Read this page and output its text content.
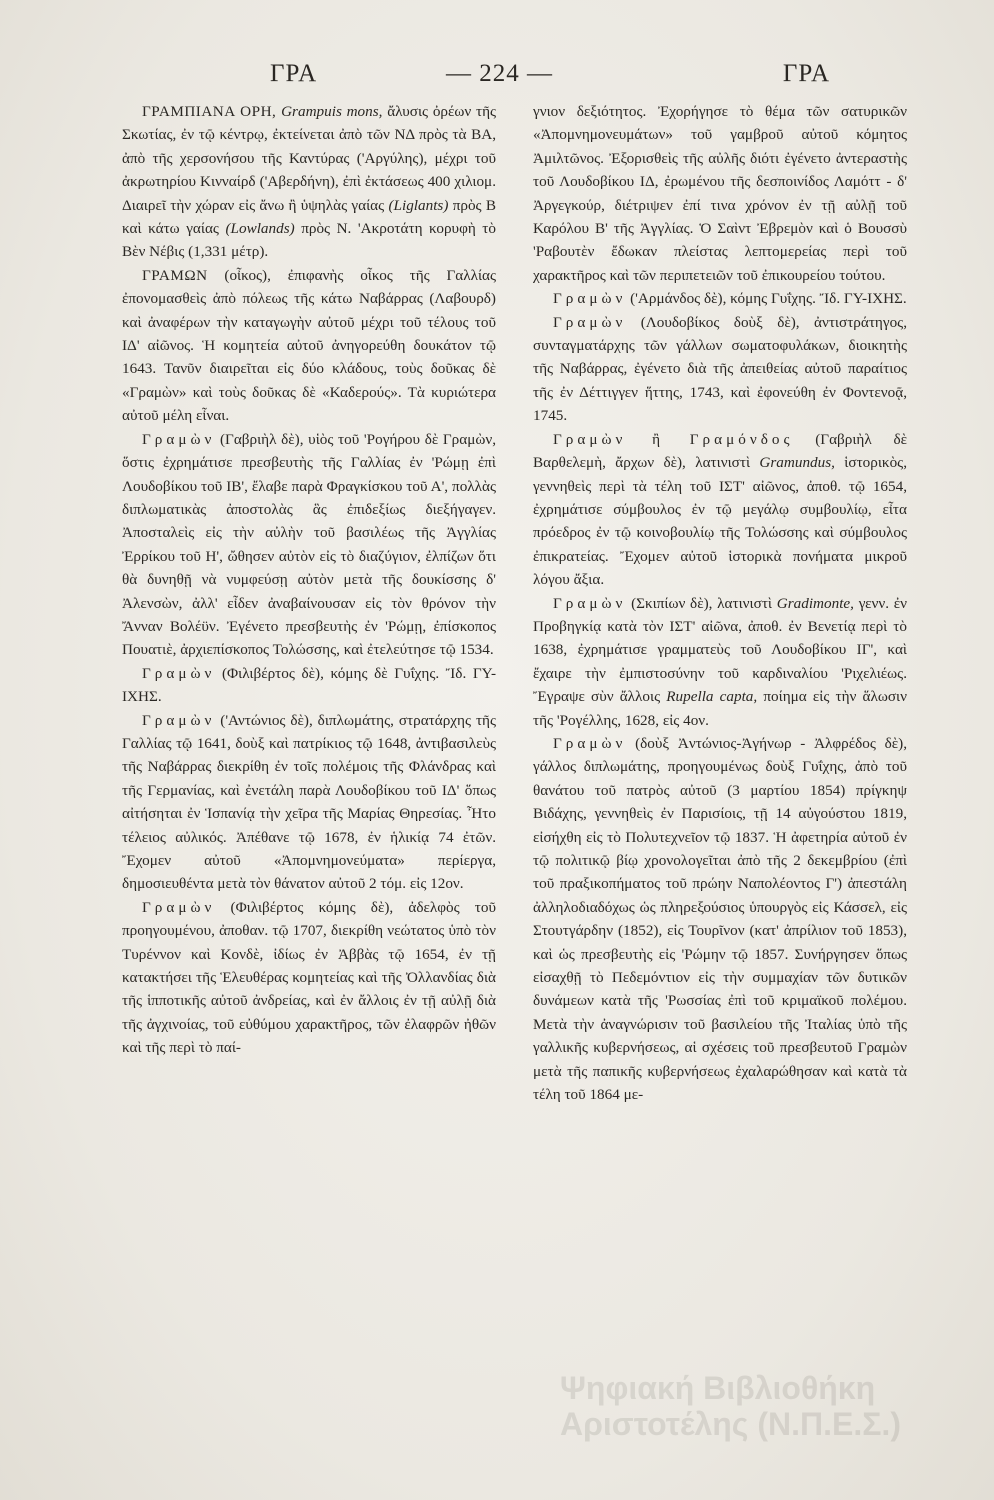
ΓΡΑ	— 224 —	ΓΡΑ

ΓΡΑΜΠΙΑΝΑ ΟΡΗ, Grampuis mons, ἄλυσις ὀρέων τῆς Σκωτίας, ἐν τῷ κέντρῳ, ἐκτείνεται ἀπὸ τῶν ΝΔ πρὸς τὰ ΒΑ, ἀπὸ τῆς χερσονήσου τῆς Καντύρας ('Αργύλης), μέχρι τοῦ ἀκρωτηρίου Κινναίρδ ('Αβερδήνη), ἐπὶ ἐκτάσεως 400 χιλιομ. Διαιρεῖ τὴν χώραν εἰς ἄνω ἢ ὑψηλὰς γαίας (Liglants) πρὸς Β καὶ κάτω γαίας (Lowlands) πρὸς Ν. 'Ακροτάτη κορυφὴ τὸ Βὲν Νέβις (1,331 μέτρ).

ΓΡΑΜΩΝ (οἶκος), ἐπιφανὴς οἶκος τῆς Γαλλίας ἐπονομασθεὶς ἀπὸ πόλεως τῆς κάτω Ναβάρρας (Λαβουρδ) καὶ ἀναφέρων τὴν καταγωγὴν αὐτοῦ μέχρι τοῦ τέλους τοῦ ΙΔ' αἰῶνος. Ἡ κομητεία αὐτοῦ ἀνηγορεύθη δουκάτον τῷ 1643. Τανῦν διαιρεῖται εἰς δύο κλάδους, τοὺς δοῦκας δὲ «Γραμὼν» καὶ τοὺς δοῦκας δὲ «Καδερούς». Τὰ κυριώτερα αὐτοῦ μέλη εἶναι.

Γραμὼν (Γαβριὴλ δὲ), υἱὸς τοῦ 'Ρογήρου δὲ Γραμὼν, ὅστις ἐχρημάτισε πρεσβευτὴς τῆς Γαλλίας ἐν 'Ρώμῃ ἐπὶ Λουδοβίκου τοῦ ΙΒ', ἔλαβε παρὰ Φραγκίσκου τοῦ Α', πολλὰς διπλωματικὰς ἀποστολὰς ἃς ἐπιδεξίως διεξήγαγεν. Ἀποσταλεὶς εἰς τὴν αὐλὴν τοῦ βασιλέως τῆς Ἀγγλίας Ἐρρίκου τοῦ Η', ὤθησεν αὐτὸν εἰς τὸ διαζύγιον, ἐλπίζων ὅτι θὰ δυνηθῇ νὰ νυμφεύσῃ αὐτὸν μετὰ τῆς δουκίσσης δ' Ἀλενσὼν, ἀλλ' εἶδεν ἀναβαίνουσαν εἰς τὸν θρόνον τὴν Ἄνναν Βολέϋν. Ἐγένετο πρεσβευτὴς ἐν 'Ρώμῃ, ἐπίσκοπος Πουατιὲ, ἀρχιεπίσκοπος Τολώσσης, καὶ ἐτελεύτησε τῷ 1534.

Γραμὼν (Φιλιβέρτος δὲ), κόμης δὲ Γυΐχης. Ἴδ. ΓΥ-ΙΧΗΣ.

Γραμὼν ('Αντώνιος δὲ), διπλωμάτης, στρατάρχης τῆς Γαλλίας τῷ 1641, δοὺξ καὶ πατρίκιος τῷ 1648, ἀντιβασιλεὺς τῆς Ναβάρρας διεκρίθη ἐν τοῖς πολέμοις τῆς Φλάνδρας καὶ τῆς Γερμανίας, καὶ ἐνετάλη παρὰ Λουδοβίκου τοῦ ΙΔ' ὅπως αἰτήσηται ἐν Ἱσπανίᾳ τὴν χεῖρα τῆς Μαρίας Θηρεσίας. Ἦτο τέλειος αὐλικός. Ἀπέθανε τῷ 1678, ἐν ἡλικίᾳ 74 ἐτῶν. Ἔχομεν αὐτοῦ «Ἀπομνημονεύματα» περίεργα, δημοσιευθέντα μετὰ τὸν θάνατον αὐτοῦ 2 τόμ. εἰς 12ον.

Γραμὼν (Φιλιβέρτος κόμης δὲ), ἀδελφὸς τοῦ προηγουμένου, ἀποθαν. τῷ 1707, διεκρίθη νεώτατος ὑπὸ τὸν Τυρέννον καὶ Κονδὲ, ἰδίως ἐν Ἀββὰς τῷ 1654, ἐν τῇ κατακτήσει τῆς Ἑλευθέρας κομητείας καὶ τῆς Ὀλλανδίας διὰ τῆς ἱπποτικῆς αὐτοῦ ἀνδρείας, καὶ ἐν ἄλλοις ἐν τῇ αὐλῇ διὰ τῆς ἀγχινοίας, τοῦ εὐθύμου χαρακτῆρος, τῶν ἐλαφρῶν ἠθῶν καὶ τῆς περὶ τὸ παί-

γνιον δεξιότητος. Ἐχορήγησε τὸ θέμα τῶν σατυρικῶν «Ἀπομνημονευμάτων» τοῦ γαμβροῦ αὐτοῦ κόμητος Ἀμιλτῶνος. Ἐξορισθεὶς τῆς αὐλῆς διότι ἐγένετο ἀντεραστὴς τοῦ Λουδοβίκου ΙΔ, ἐρωμένου τῆς δεσποινίδος Λαμόττ - δ' Ἀργεγκούρ, διέτριψεν ἐπί τινα χρόνον ἐν τῇ αὐλῇ τοῦ Καρόλου Β' τῆς Ἀγγλίας. Ὁ Σαὶντ Ἐβρεμὸν καὶ ὁ Βουσσὺ 'Ραβουτὲν ἔδωκαν πλείστας λεπτομερείας περὶ τοῦ χαρακτῆρος καὶ τῶν περιπετειῶν τοῦ ἐπικουρείου τούτου.

Γραμὼν ('Αρμάνδος δὲ), κόμης Γυΐχης. Ἴδ. ΓΥ-ΙΧΗΣ.

Γραμὼν (Λουδοβίκος δοὺξ δὲ), ἀντιστράτηγος, συνταγματάρχης τῶν γάλλων σωματοφυλάκων, διοικητὴς τῆς Ναβάρρας, ἐγένετο διὰ τῆς ἀπειθείας αὐτοῦ παραίτιος τῆς ἐν Δέττιγγεν ἥττης, 1743, καὶ ἐφονεύθη ἐν Φοντενοᾷ, 1745.

Γραμὼν ἢ Γραμόνδος (Γαβριὴλ δὲ Βαρθελεμὴ, ἄρχων δὲ), λατινιστὶ Gramundus, ἱστορικὸς, γεννηθεὶς περὶ τὰ τέλη τοῦ ΙΣΤ' αἰῶνος, ἀποθ. τῷ 1654, ἐχρημάτισε σύμβουλος ἐν τῷ μεγάλῳ συμβουλίῳ, εἶτα πρόεδρος ἐν τῷ κοινοβουλίῳ τῆς Τολώσσης καὶ σύμβουλος ἐπικρατείας. Ἔχομεν αὐτοῦ ἱστορικὰ πονήματα μικροῦ λόγου ἄξια.

Γραμὼν (Σκιπίων δὲ), λατινιστὶ Gradimonte, γενν. ἐν Προβηγκίᾳ κατὰ τὸν ΙΣΤ' αἰῶνα, ἀποθ. ἐν Βενετίᾳ περὶ τὸ 1638, ἐχρημάτισε γραμματεὺς τοῦ Λουδοβίκου ΙΓ', καὶ ἔχαιρε τὴν ἐμπιστοσύνην τοῦ καρδιναλίου 'Ριχελιέως. Ἔγραψε σὺν ἄλλοις Rupella capta, ποίημα εἰς τὴν ἅλωσιν τῆς 'Ρογέλλης, 1628, εἰς 4ον.

Γραμὼν (δοὺξ Ἀντώνιος-Ἀγήνωρ - Ἀλφρέδος δὲ), γάλλος διπλωμάτης, προηγουμένως δοὺξ Γυΐχης, ἀπὸ τοῦ θανάτου τοῦ πατρὸς αὐτοῦ (3 μαρτίου 1854) πρίγκηψ Βιδάχης, γεννηθεὶς ἐν Παρισίοις, τῇ 14 αὐγούστου 1819, εἰσήχθη εἰς τὸ Πολυτεχνεῖον τῷ 1837. Ἡ ἀφετηρία αὐτοῦ ἐν τῷ πολιτικῷ βίῳ χρονολογεῖται ἀπὸ τῆς 2 δεκεμβρίου (ἐπὶ τοῦ πραξικοπήματος τοῦ πρώην Ναπολέοντος Γ') ἀπεστάλη ἀλληλοδιαδόχως ὡς πληρεξούσιος ὑπουργὸς εἰς Κάσσελ, εἰς Στουτγάρδην (1852), εἰς Τουρῖνον (κατ' ἀπρίλιον τοῦ 1853), καὶ ὡς πρεσβευτὴς εἰς 'Ρώμην τῷ 1857. Συνήργησεν ὅπως εἰσαχθῇ τὸ Πεδεμόντιον εἰς τὴν συμμαχίαν τῶν δυτικῶν δυνάμεων κατὰ τῆς 'Ρωσσίας ἐπὶ τοῦ κριμαϊκοῦ πολέμου. Μετὰ τὴν ἀναγνώρισιν τοῦ βασιλείου τῆς Ἰταλίας ὑπὸ τῆς γαλλικῆς κυβερνήσεως, αἱ σχέσεις τοῦ πρεσβευτοῦ Γραμὼν μετὰ τῆς παπικῆς κυβερνήσεως ἐχαλαρώθησαν καὶ κατὰ τὰ τέλη τοῦ 1864 με-

Ψηφιακή Βιβλιοθήκη
Αριστοτέλης (Ν.Π.Ε.Σ.)
